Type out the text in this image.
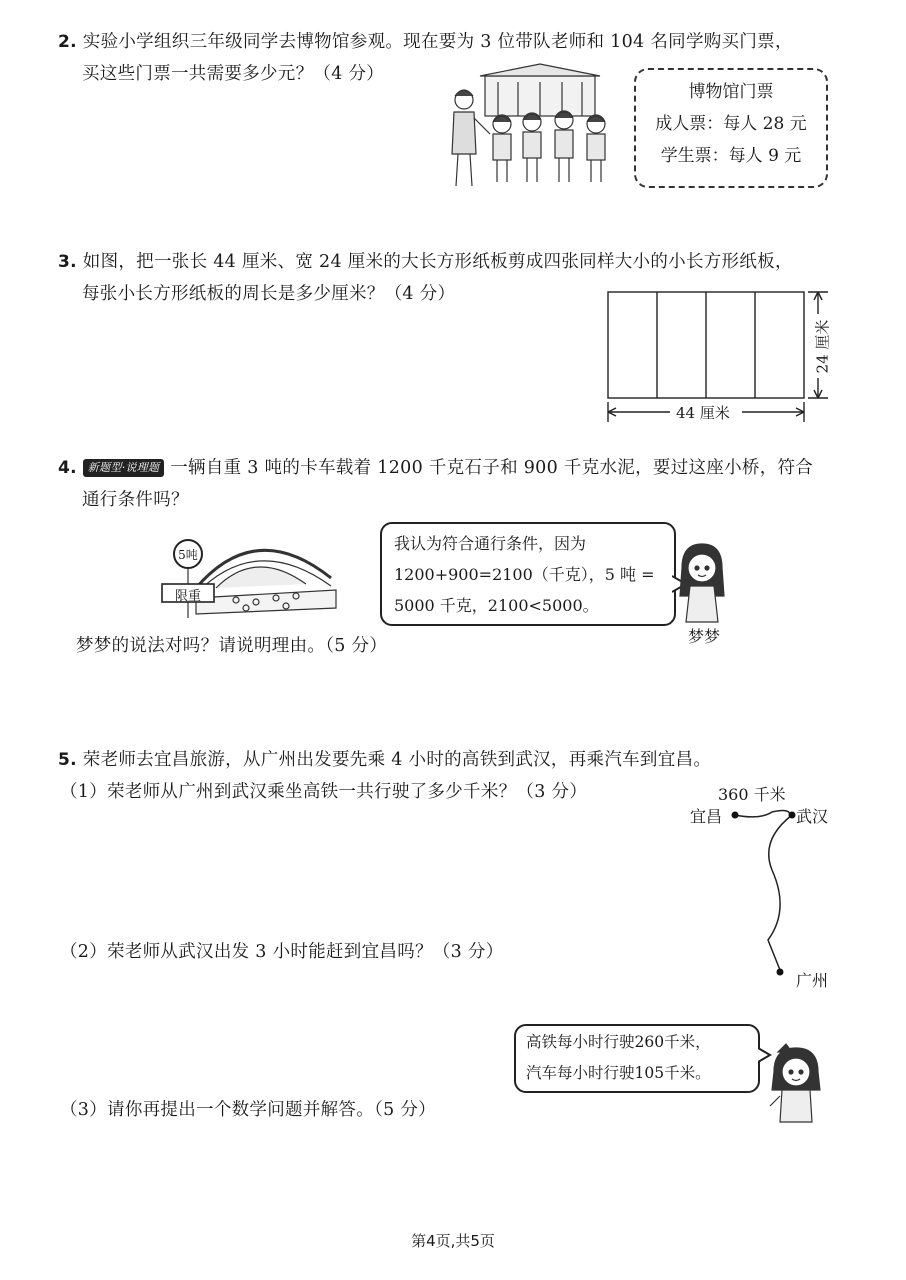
2. 实验小学组织三年级同学去博物馆参观。现在要为 3 位带队老师和 104 名同学购买门票，
买这些门票一共需要多少元？（4 分）
博物馆门票
成人票：每人 28 元
学生票：每人 9 元
3. 如图，把一张长 44 厘米、宽 24 厘米的大长方形纸板剪成四张同样大小的小长方形纸板，
每张小长方形纸板的周长是多少厘米？（4 分）
44 厘米
24 厘米
4. 新题型·说理题 一辆自重 3 吨的卡车载着 1200 千克石子和 900 千克水泥，要过这座小桥，符合
通行条件吗？
5吨
限重
我认为符合通行条件，因为
1200+900=2100（千克），5 吨 =
5000 千克，2100<5000。
梦梦
梦梦的说法对吗？请说明理由。（5 分）
5. 荣老师去宜昌旅游，从广州出发要先乘 4 小时的高铁到武汉，再乘汽车到宜昌。
（1）荣老师从广州到武汉乘坐高铁一共行驶了多少千米？（3 分）	360 千米
宜昌	武汉
广州
（2）荣老师从武汉出发 3 小时能赶到宜昌吗？（3 分）
高铁每小时行驶260千米，
汽车每小时行驶105千米。
（3）请你再提出一个数学问题并解答。（5 分）
第4页,共5页
